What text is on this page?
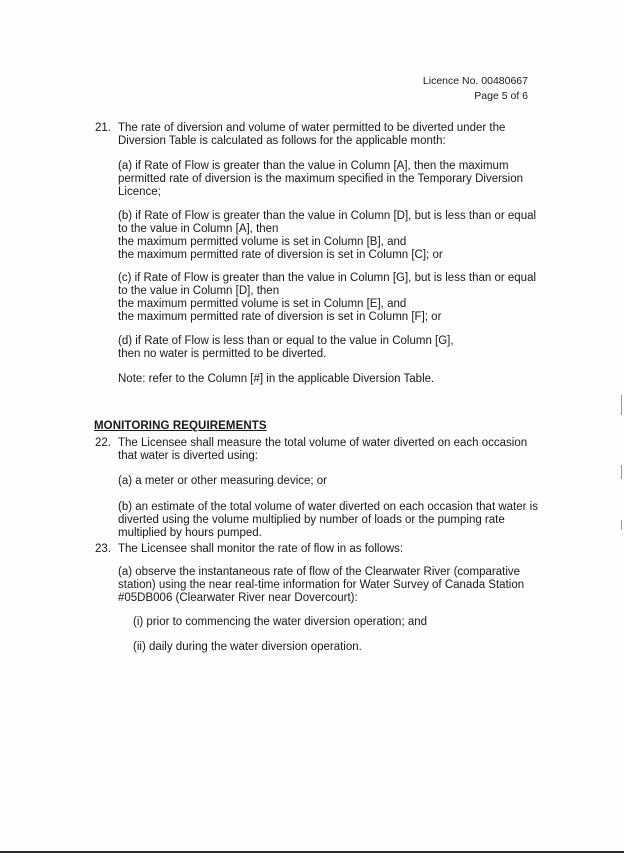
Licence No. 00480667
Page 5 of 6
21. The rate of diversion and volume of water permitted to be diverted under the
Diversion Table is calculated as follows for the applicable month:
(a) if Rate of Flow is greater than the value in Column [A], then the maximum
permitted rate of diversion is the maximum specified in the Temporary Diversion
Licence;
(b) if Rate of Flow is greater than the value in Column [D], but is less than or equal
to the value in Column [A], then
the maximum permitted volume is set in Column [B], and
the maximum permitted rate of diversion is set in Column [C]; or
(c) if Rate of Flow is greater than the value in Column [G], but is less than or equal
to the value in Column [D], then
the maximum permitted volume is set in Column [E], and
the maximum permitted rate of diversion is set in Column [F]; or
(d) if Rate of Flow is less than or equal to the value in Column [G],
then no water is permitted to be diverted.
Note: refer to the Column [#] in the applicable Diversion Table.
MONITORING REQUIREMENTS
22. The Licensee shall measure the total volume of water diverted on each occasion
that water is diverted using:
(a) a meter or other measuring device; or
(b) an estimate of the total volume of water diverted on each occasion that water is
diverted using the volume multiplied by number of loads or the pumping rate
multiplied by hours pumped.
23. The Licensee shall monitor the rate of flow in as follows:
(a) observe the instantaneous rate of flow of the Clearwater River (comparative
station) using the near real-time information for Water Survey of Canada Station
#05DB006 (Clearwater River near Dovercourt):
(i) prior to commencing the water diversion operation; and
(ii) daily during the water diversion operation.
